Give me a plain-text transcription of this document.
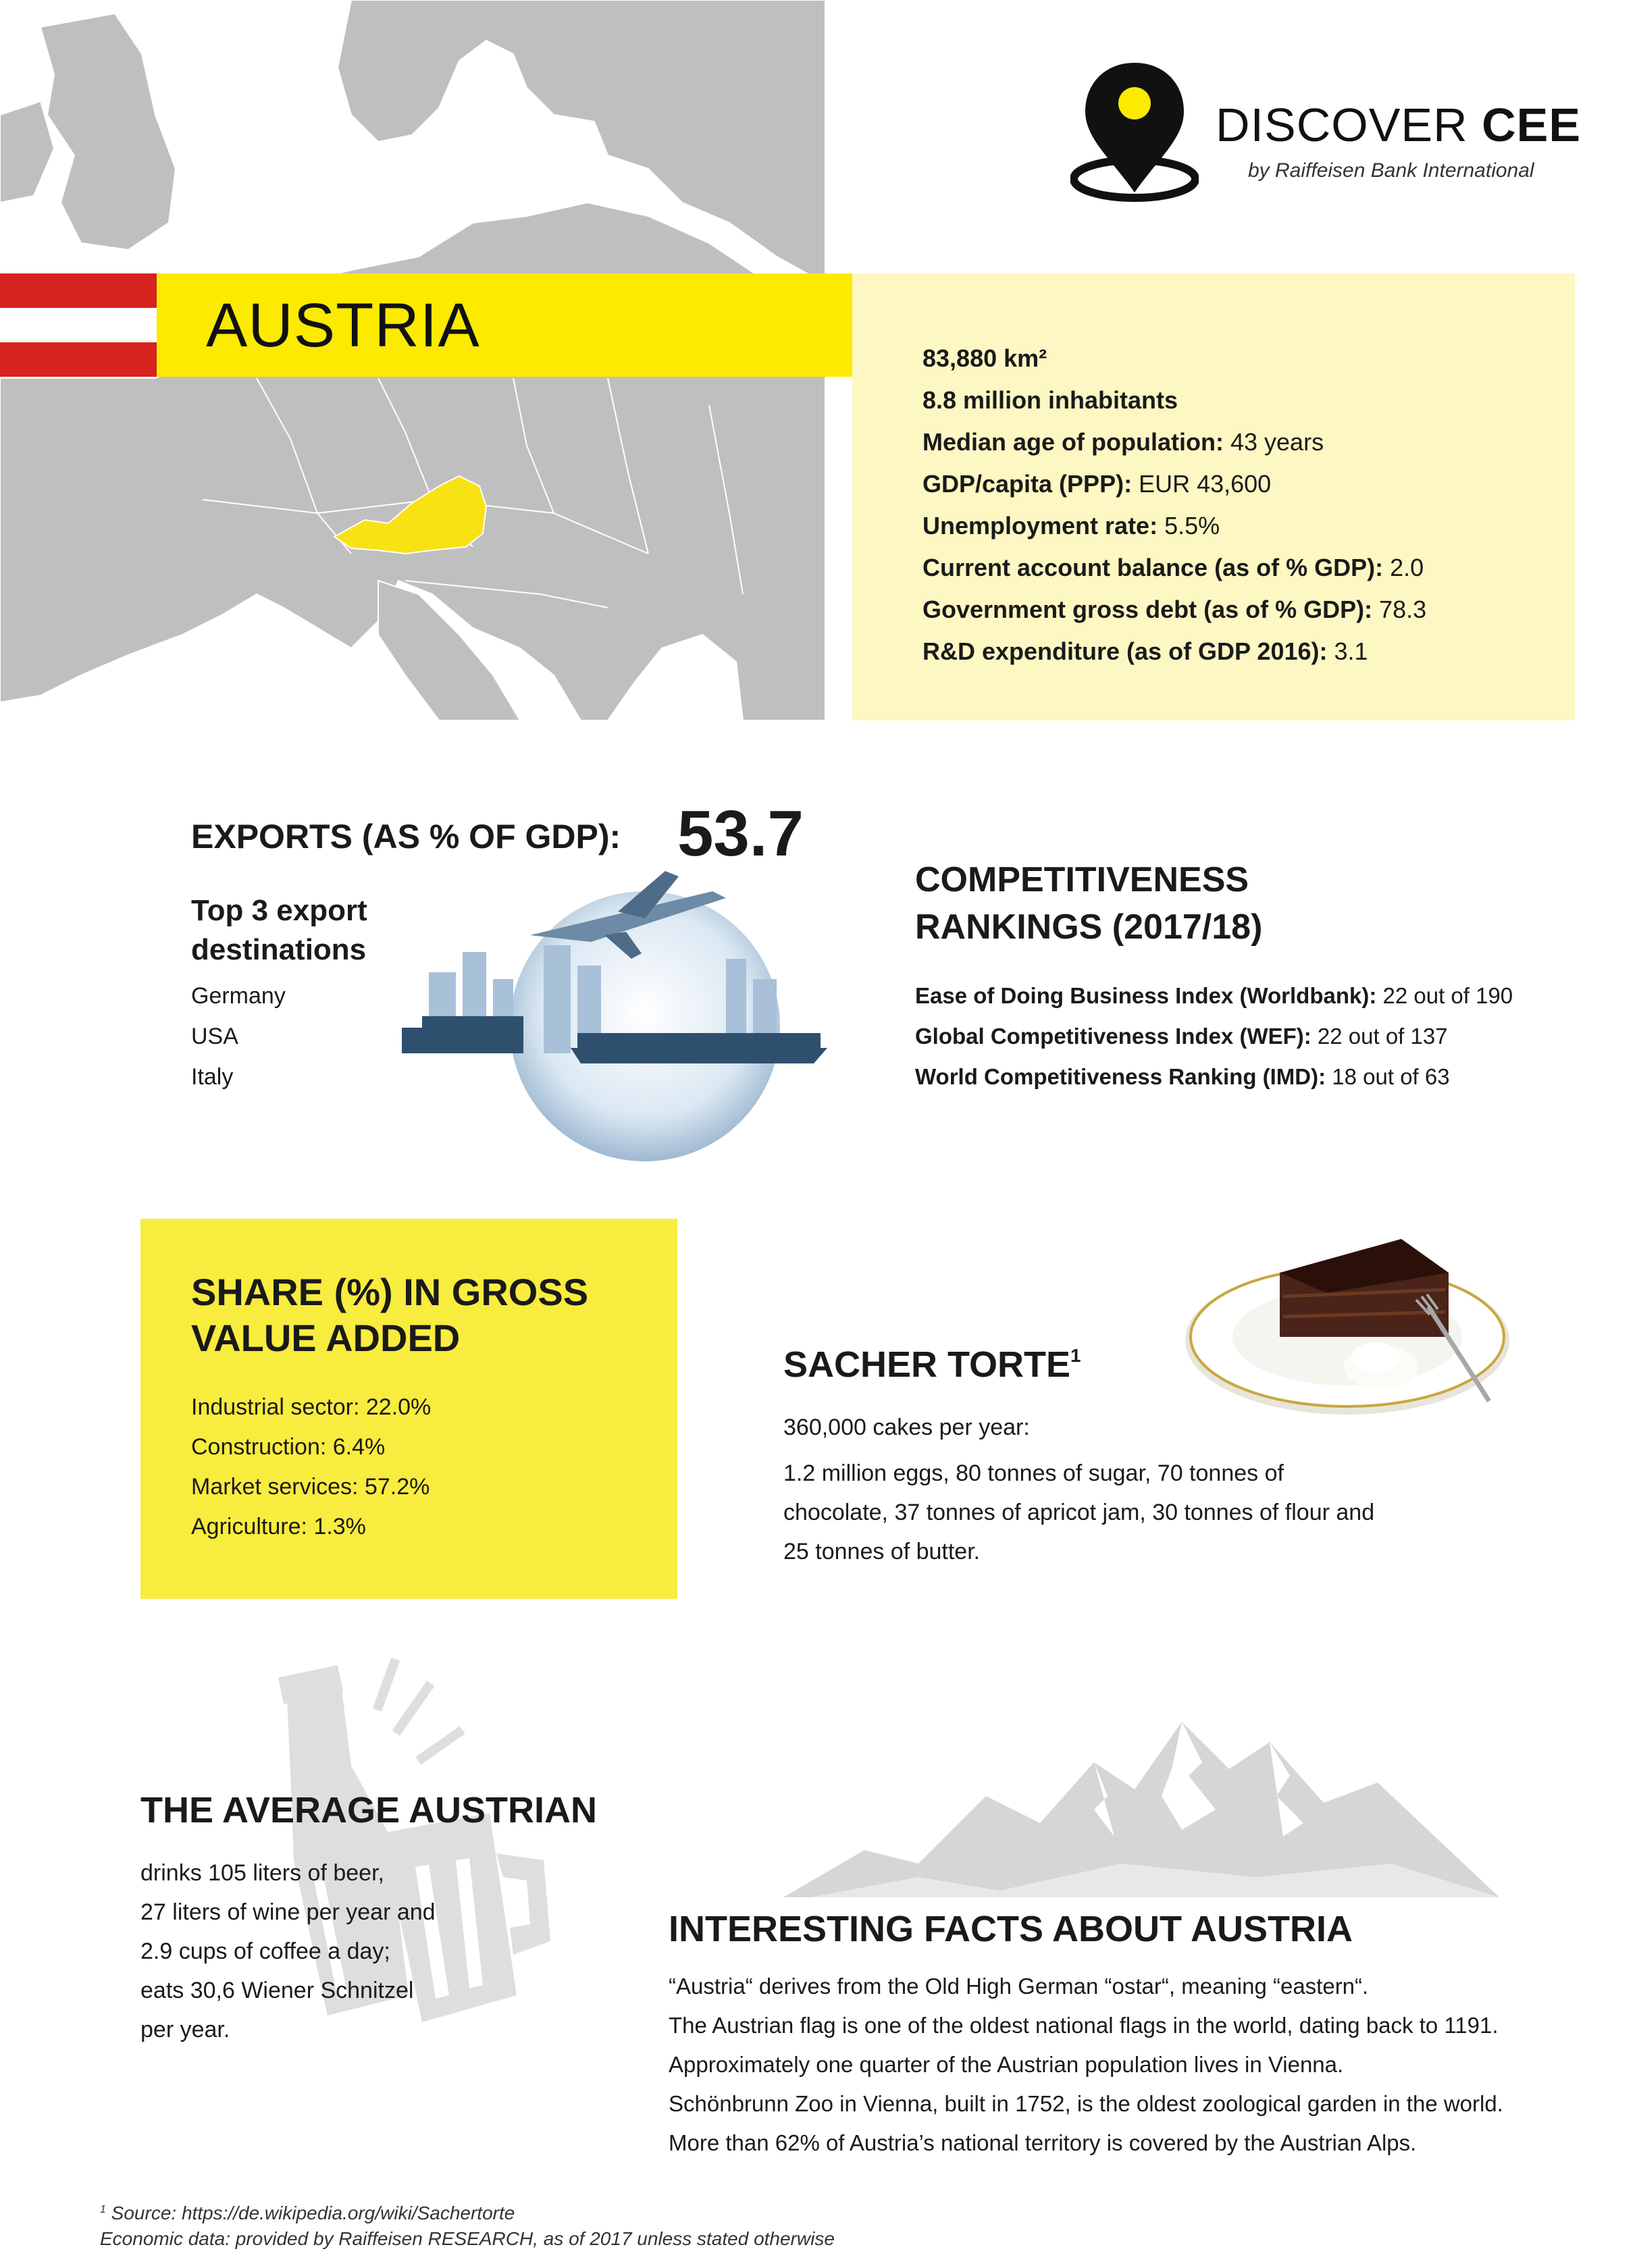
AUSTRIA	83,880 km²
8.8 million inhabitants
Median age of population: 43 years
GDP/capita (PPP): EUR 43,600
Unemployment rate: 5.5%
Current account balance (as of % GDP): 2.0
Government gross debt (as of % GDP): 78.3
R&D expenditure (as of GDP 2016): 3.1
DISCOVER CEE
by Raiffeisen Bank International
EXPORTS (AS % OF GDP): 53.7
Top 3 export destinations
Germany
USA
Italy
COMPETITIVENESS RANKINGS (2017/18)
Ease of Doing Business Index (Worldbank): 22 out of 190
Global Competitiveness Index (WEF): 22 out of 137
World Competitiveness Ranking (IMD): 18 out of 63
SHARE (%) IN GROSS VALUE ADDED
Industrial sector: 22.0%
Construction: 6.4%
Market services: 57.2%
Agriculture: 1.3%
SACHER TORTE$^1$
360,000 cakes per year:
1.2 million eggs, 80 tonnes of sugar, 70 tonnes of chocolate, 37 tonnes of apricot jam, 30 tonnes of flour and 25 tonnes of butter.
THE AVERAGE AUSTRIAN
drinks 105 liters of beer,
27 liters of wine per year and
2.9 cups of coffee a day;
eats 30,6 Wiener Schnitzel
per year.
INTERESTING FACTS ABOUT AUSTRIA
“Austria“ derives from the Old High German “ostar“, meaning “eastern“.
The Austrian flag is one of the oldest national flags in the world, dating back to 1191.
Approximately one quarter of the Austrian population lives in Vienna.
Schönbrunn Zoo in Vienna, built in 1752, is the oldest zoological garden in the world.
More than 62% of Austria’s national territory is covered by the Austrian Alps.
$^1$ Source: https://de.wikipedia.org/wiki/Sachertorte
Economic data: provided by Raiffeisen RESEARCH, as of 2017 unless stated otherwise
